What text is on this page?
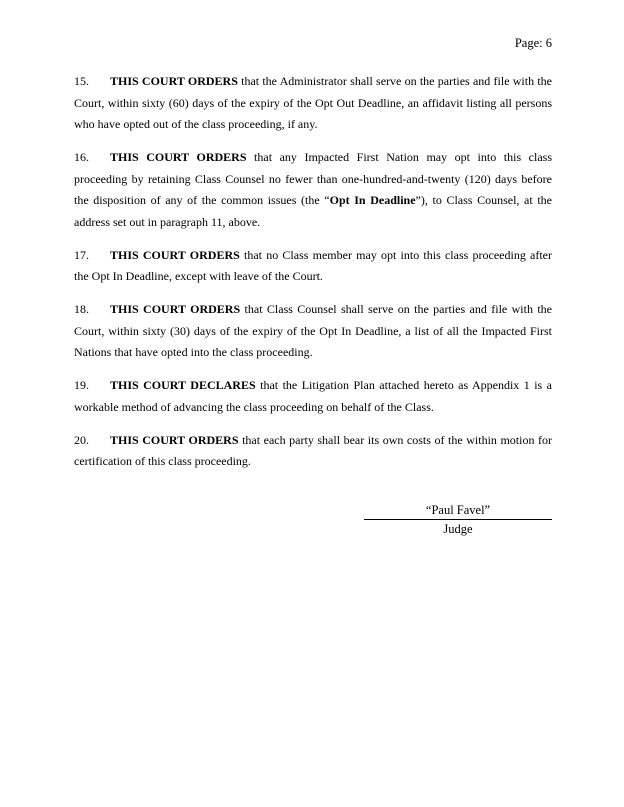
Page: 6

15. THIS COURT ORDERS that the Administrator shall serve on the parties and file with the Court, within sixty (60) days of the expiry of the Opt Out Deadline, an affidavit listing all persons who have opted out of the class proceeding, if any.

16. THIS COURT ORDERS that any Impacted First Nation may opt into this class proceeding by retaining Class Counsel no fewer than one-hundred-and-twenty (120) days before the disposition of any of the common issues (the “Opt In Deadline”), to Class Counsel, at the address set out in paragraph 11, above.

17. THIS COURT ORDERS that no Class member may opt into this class proceeding after the Opt In Deadline, except with leave of the Court.

18. THIS COURT ORDERS that Class Counsel shall serve on the parties and file with the Court, within sixty (30) days of the expiry of the Opt In Deadline, a list of all the Impacted First Nations that have opted into the class proceeding.

19. THIS COURT DECLARES that the Litigation Plan attached hereto as Appendix 1 is a workable method of advancing the class proceeding on behalf of the Class.

20. THIS COURT ORDERS that each party shall bear its own costs of the within motion for certification of this class proceeding.

“Paul Favel”
Judge
